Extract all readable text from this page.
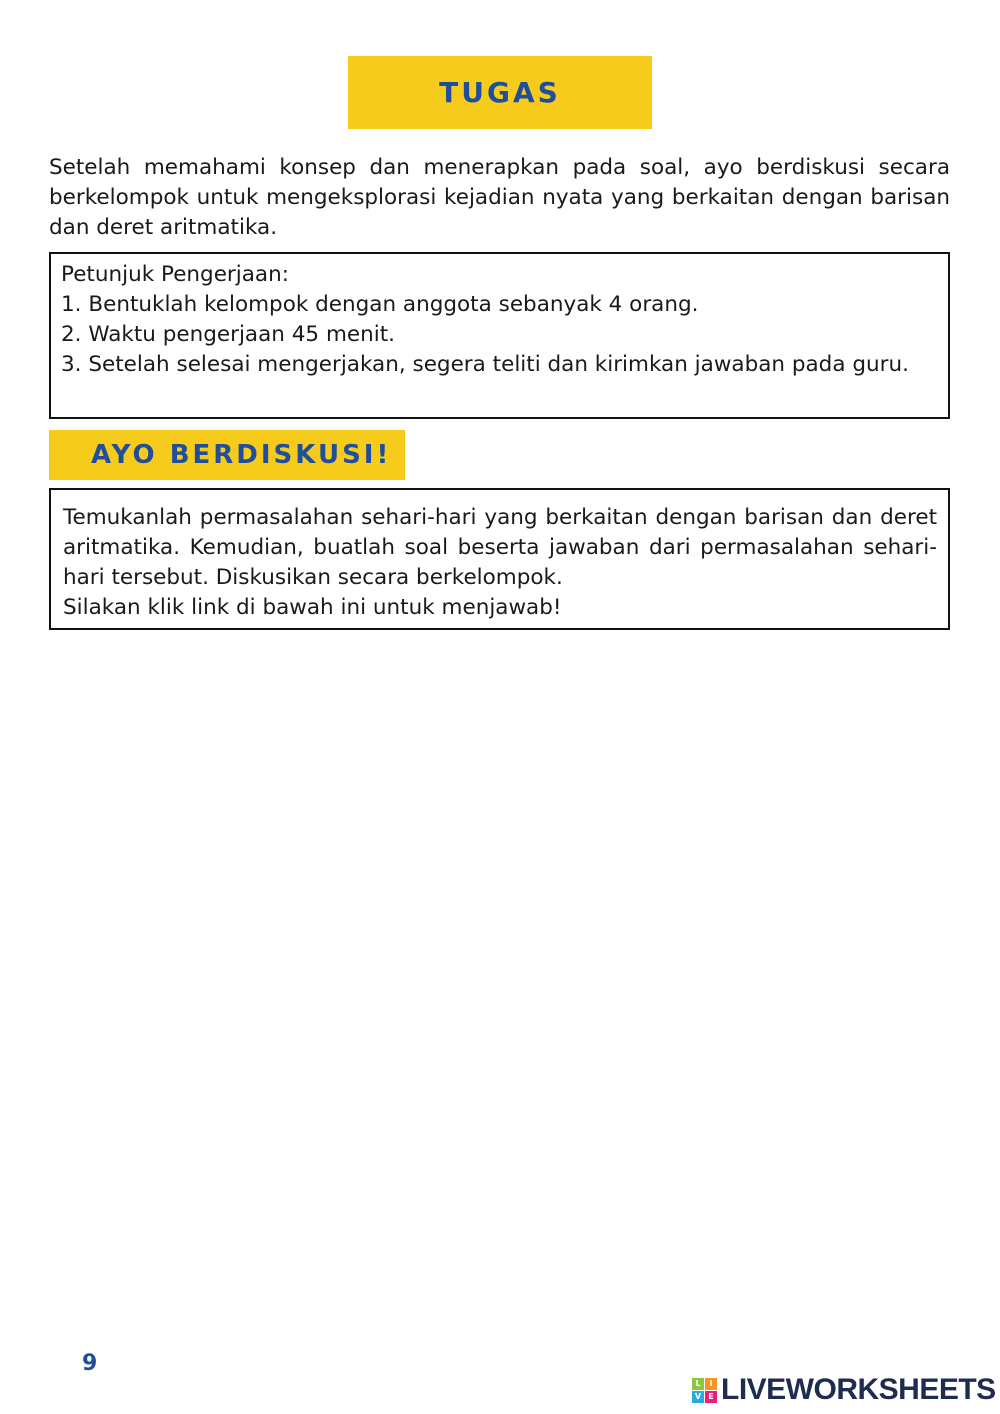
TUGAS

Setelah memahami konsep dan menerapkan pada soal, ayo berdiskusi secara berkelompok untuk mengeksplorasi kejadian nyata yang berkaitan dengan barisan dan deret aritmatika.

Petunjuk Pengerjaan:

1. Bentuklah kelompok dengan anggota sebanyak 4 orang.

2. Waktu pengerjaan 45 menit.

3. Setelah selesai mengerjakan, segera teliti dan kirimkan jawaban pada guru.

AYO BERDISKUSI!

Temukanlah permasalahan sehari-hari yang berkaitan dengan barisan dan deret aritmatika. Kemudian, buatlah soal beserta jawaban dari permasalahan sehari-hari tersebut. Diskusikan secara berkelompok.

Silakan klik link di bawah ini untuk menjawab!

9
L	I
V E LIVEWORKSHEETS
